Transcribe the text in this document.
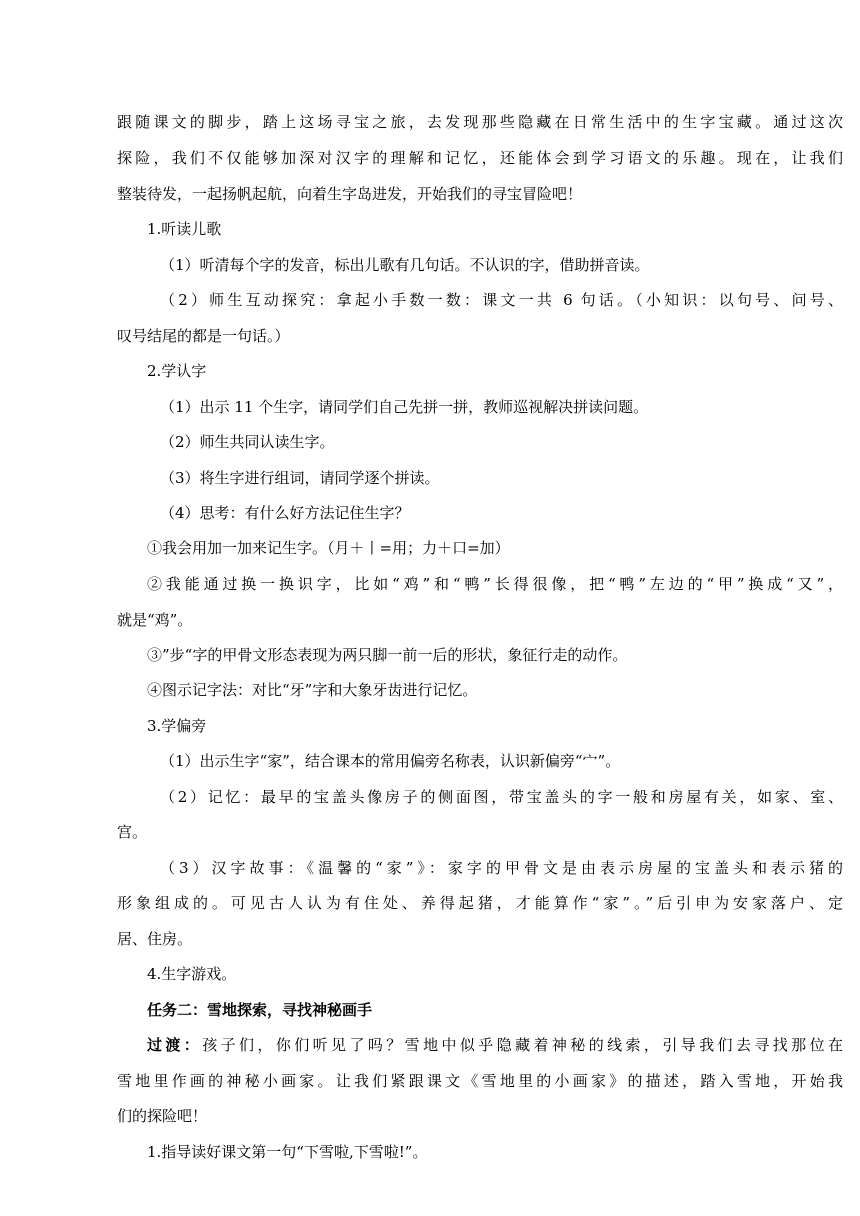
跟随课文的脚步，踏上这场寻宝之旅，去发现那些隐藏在日常生活中的生字宝藏。通过这次
探险，我们不仅能够加深对汉字的理解和记忆，还能体会到学习语文的乐趣。现在，让我们
整装待发，一起扬帆起航，向着生字岛进发，开始我们的寻宝冒险吧！
1.听读儿歌
（1）听清每个字的发音，标出儿歌有几句话。不认识的字，借助拼音读。
（2）师生互动探究：拿起小手数一数：课文一共 6 句话。（小知识：以句号、问号、
叹号结尾的都是一句话。）
2.学认字
（1）出示 11 个生字，请同学们自己先拼一拼，教师巡视解决拼读问题。
（2）师生共同认读生字。
（3）将生字进行组词，请同学逐个拼读。
（4）思考：有什么好方法记住生字？
①我会用加一加来记生字。（月＋丨=用；力＋口=加）
②我能通过换一换识字，比如“鸡”和“鸭”长得很像，把“鸭”左边的“甲”换成“又”，
就是“鸡”。
③”步“字的甲骨文形态表现为两只脚一前一后的形状，象征行走的动作。
④图示记字法：对比“牙”字和大象牙齿进行记忆。
3.学偏旁
（1）出示生字“家”，结合课本的常用偏旁名称表，认识新偏旁“宀”。
（2）记忆：最早的宝盖头像房子的侧面图，带宝盖头的字一般和房屋有关，如家、室、
宫。
（3）汉字故事：《温馨的“家”》：家字的甲骨文是由表示房屋的宝盖头和表示猪的
形象组成的。可见古人认为有住处、养得起猪，才能算作“家”。”后引申为安家落户、定
居、住房。
4.生字游戏。
任务二：雪地探索，寻找神秘画手
过渡：孩子们，你们听见了吗？雪地中似乎隐藏着神秘的线索，引导我们去寻找那位在
雪地里作画的神秘小画家。让我们紧跟课文《雪地里的小画家》的描述，踏入雪地，开始我
们的探险吧！
1.指导读好课文第一句“下雪啦,下雪啦!”。
